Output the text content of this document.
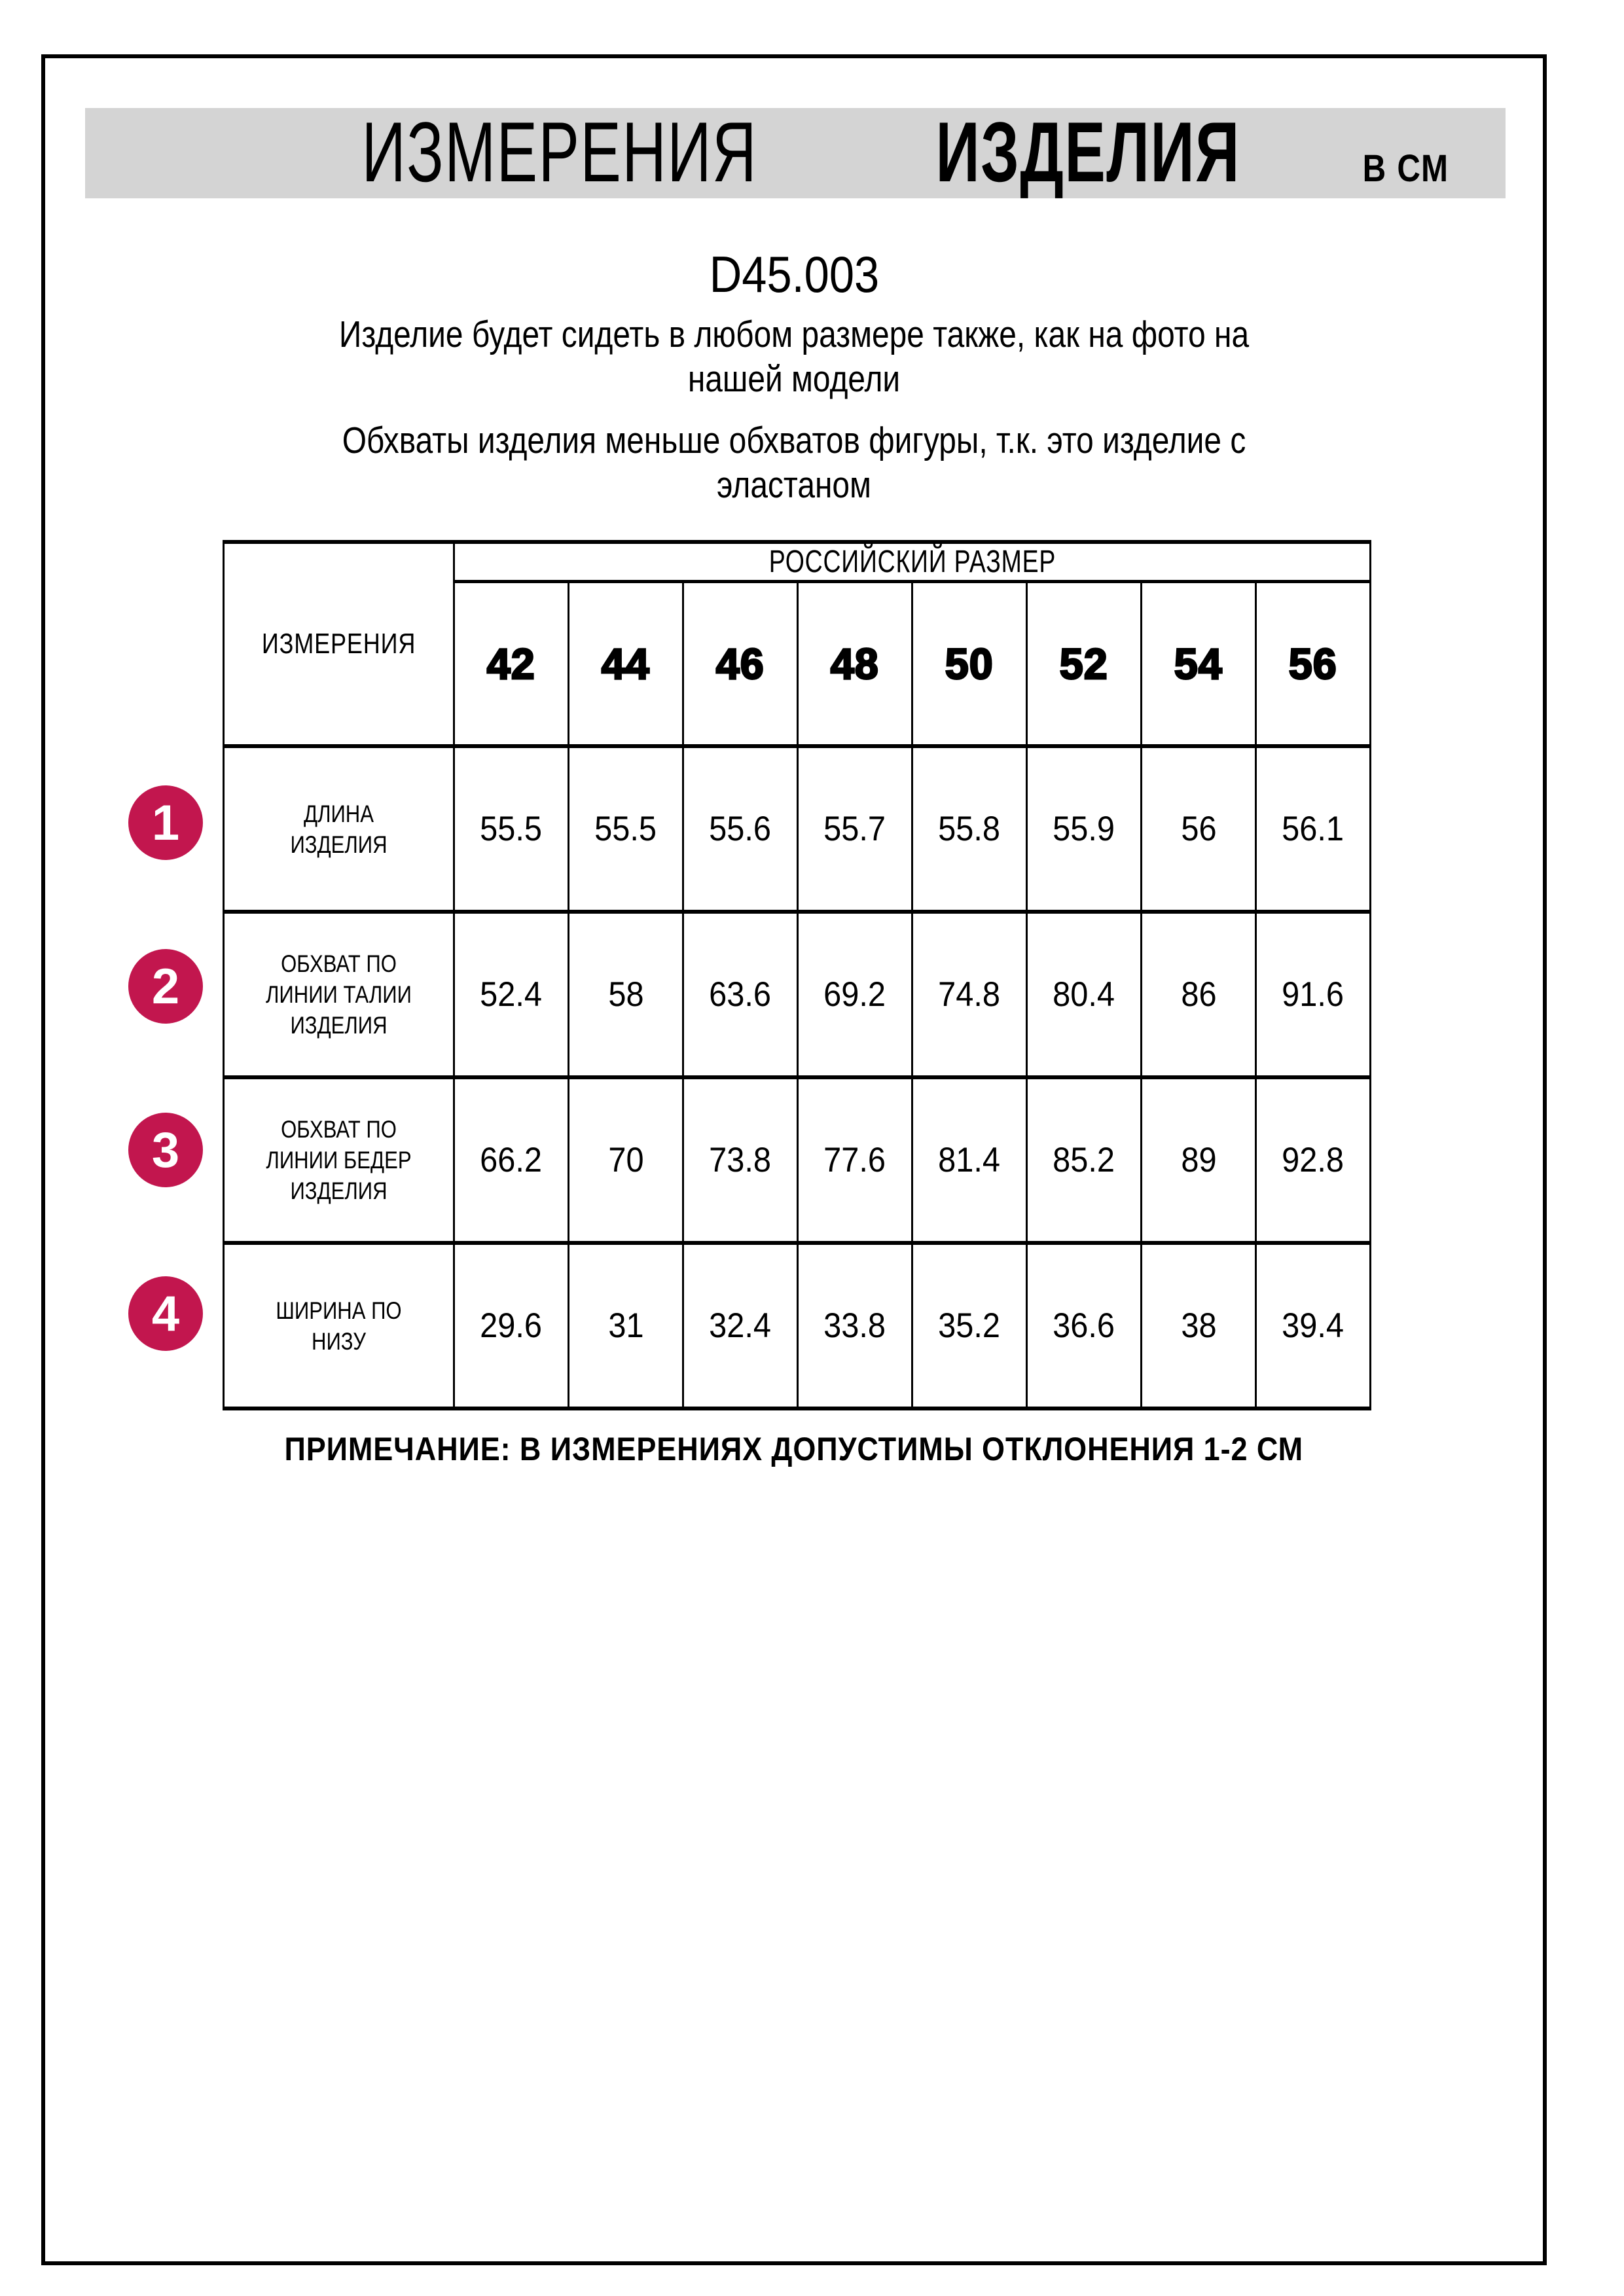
ИЗМЕРЕНИЯ ИЗДЕЛИЯ	В СМ
D45.003
Изделие будет сидеть в любом размере также, как на фото на
нашей модели
Обхваты изделия меньше обхватов фигуры, т.к. это изделие с
эластаном
ИЗМЕРЕНИЯ	РОССИЙСКИЙ РАЗМЕР							
	42	44	46	48	50	52	54	56

ДЛИНА
ИЗДЕЛИЯ	55.5	55.5	55.6	55.7	55.8	55.9	56	56.1

ОБХВАТ ПО
ЛИНИИ ТАЛИИ
ИЗДЕЛИЯ	52.4	58	63.6	69.2	74.8	80.4	86	91.6

ОБХВАТ ПО
ЛИНИИ БЕДЕР
ИЗДЕЛИЯ	66.2	70	73.8	77.6	81.4	85.2	89	92.8

ШИРИНА ПО
НИЗУ	29.6	31	32.4	33.8	35.2	36.6	38	39.4
1
2
3
4
ПРИМЕЧАНИЕ: В ИЗМЕРЕНИЯХ ДОПУСТИМЫ ОТКЛОНЕНИЯ 1-2 СМ
